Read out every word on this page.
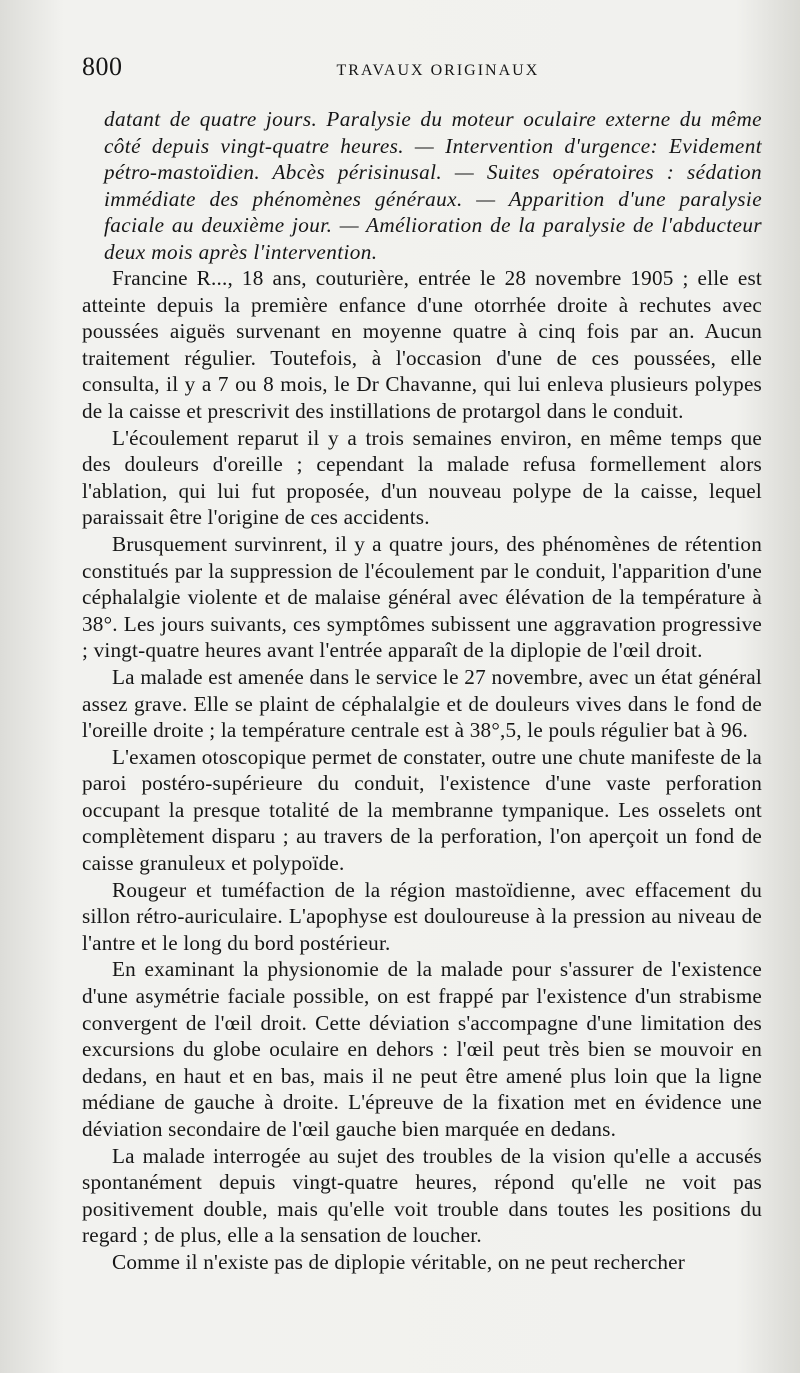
800	TRAVAUX ORIGINAUX

datant de quatre jours. Paralysie du moteur oculaire externe du même côté depuis vingt-quatre heures. — Intervention d'urgence: Evidement pétro-mastoïdien. Abcès périsinusal. — Suites opératoires : sédation immédiate des phénomènes généraux. — Apparition d'une paralysie faciale au deuxième jour. — Amélioration de la paralysie de l'abducteur deux mois après l'intervention.

Francine R..., 18 ans, couturière, entrée le 28 novembre 1905 ; elle est atteinte depuis la première enfance d'une otorrhée droite à rechutes avec poussées aiguës survenant en moyenne quatre à cinq fois par an. Aucun traitement régulier. Toutefois, à l'occasion d'une de ces poussées, elle consulta, il y a 7 ou 8 mois, le Dr Chavanne, qui lui enleva plusieurs polypes de la caisse et prescrivit des instillations de protargol dans le conduit.

L'écoulement reparut il y a trois semaines environ, en même temps que des douleurs d'oreille ; cependant la malade refusa formellement alors l'ablation, qui lui fut proposée, d'un nouveau polype de la caisse, lequel paraissait être l'origine de ces accidents.

Brusquement survinrent, il y a quatre jours, des phénomènes de rétention constitués par la suppression de l'écoulement par le conduit, l'apparition d'une céphalalgie violente et de malaise général avec élévation de la température à 38°. Les jours suivants, ces symptômes subissent une aggravation progressive ; vingt-quatre heures avant l'entrée apparaît de la diplopie de l'œil droit.

La malade est amenée dans le service le 27 novembre, avec un état général assez grave. Elle se plaint de céphalalgie et de douleurs vives dans le fond de l'oreille droite ; la température centrale est à 38°,5, le pouls régulier bat à 96.

L'examen otoscopique permet de constater, outre une chute manifeste de la paroi postéro-supérieure du conduit, l'existence d'une vaste perforation occupant la presque totalité de la membranne tympanique. Les osselets ont complètement disparu ; au travers de la perforation, l'on aperçoit un fond de caisse granuleux et polypoïde.

Rougeur et tuméfaction de la région mastoïdienne, avec effacement du sillon rétro-auriculaire. L'apophyse est douloureuse à la pression au niveau de l'antre et le long du bord postérieur.

En examinant la physionomie de la malade pour s'assurer de l'existence d'une asymétrie faciale possible, on est frappé par l'existence d'un strabisme convergent de l'œil droit. Cette déviation s'accompagne d'une limitation des excursions du globe oculaire en dehors : l'œil peut très bien se mouvoir en dedans, en haut et en bas, mais il ne peut être amené plus loin que la ligne médiane de gauche à droite. L'épreuve de la fixation met en évidence une déviation secondaire de l'œil gauche bien marquée en dedans.

La malade interrogée au sujet des troubles de la vision qu'elle a accusés spontanément depuis vingt-quatre heures, répond qu'elle ne voit pas positivement double, mais qu'elle voit trouble dans toutes les positions du regard ; de plus, elle a la sensation de loucher.

Comme il n'existe pas de diplopie véritable, on ne peut rechercher
